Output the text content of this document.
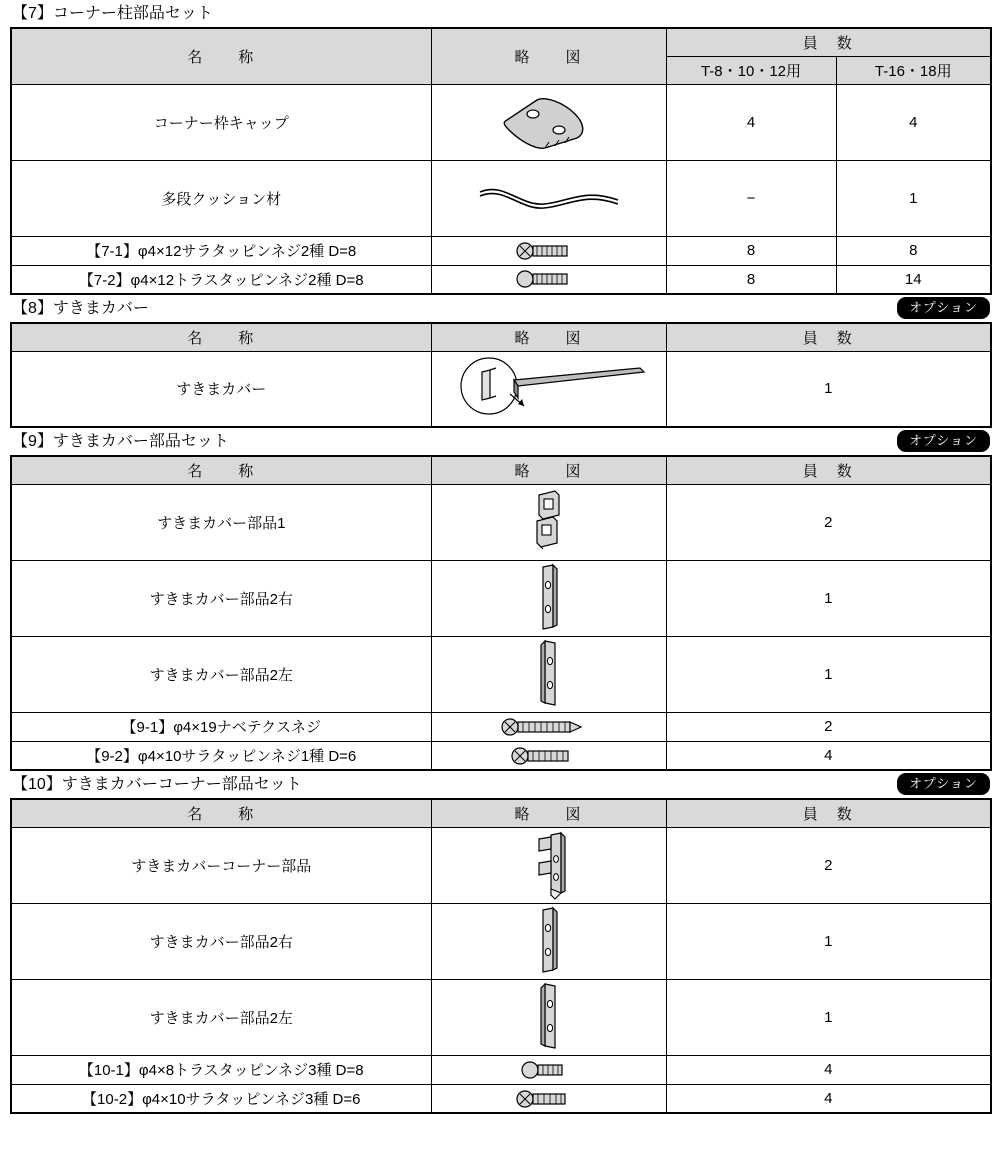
【7】コーナー柱部品セット
名　　称	略　　図	員　数	
		T-8・10・12用	T-16・18用
コーナー枠キャップ		4	4
多段クッション材		−	1
【7-1】φ4×12サラタッピンネジ2種 D=8		8	8
【7-2】φ4×12トラスタッピンネジ2種 D=8		8	14
【8】すきまカバー	オプション
名　　称	略　　図	員　数
すきまカバー		1
【9】すきまカバー部品セット	オプション
名　　称	略　　図	員　数
すきまカバー部品1		2
すきまカバー部品2右		1
すきまカバー部品2左		1
【9-1】φ4×19ナベテクスネジ		2
【9-2】φ4×10サラタッピンネジ1種 D=6		4
【10】すきまカバーコーナー部品セット	オプション
名　　称	略　　図	員　数
すきまカバーコーナー部品		2
すきまカバー部品2右		1
すきまカバー部品2左		1
【10-1】φ4×8トラスタッピンネジ3種 D=8		4
【10-2】φ4×10サラタッピンネジ3種 D=6		4
